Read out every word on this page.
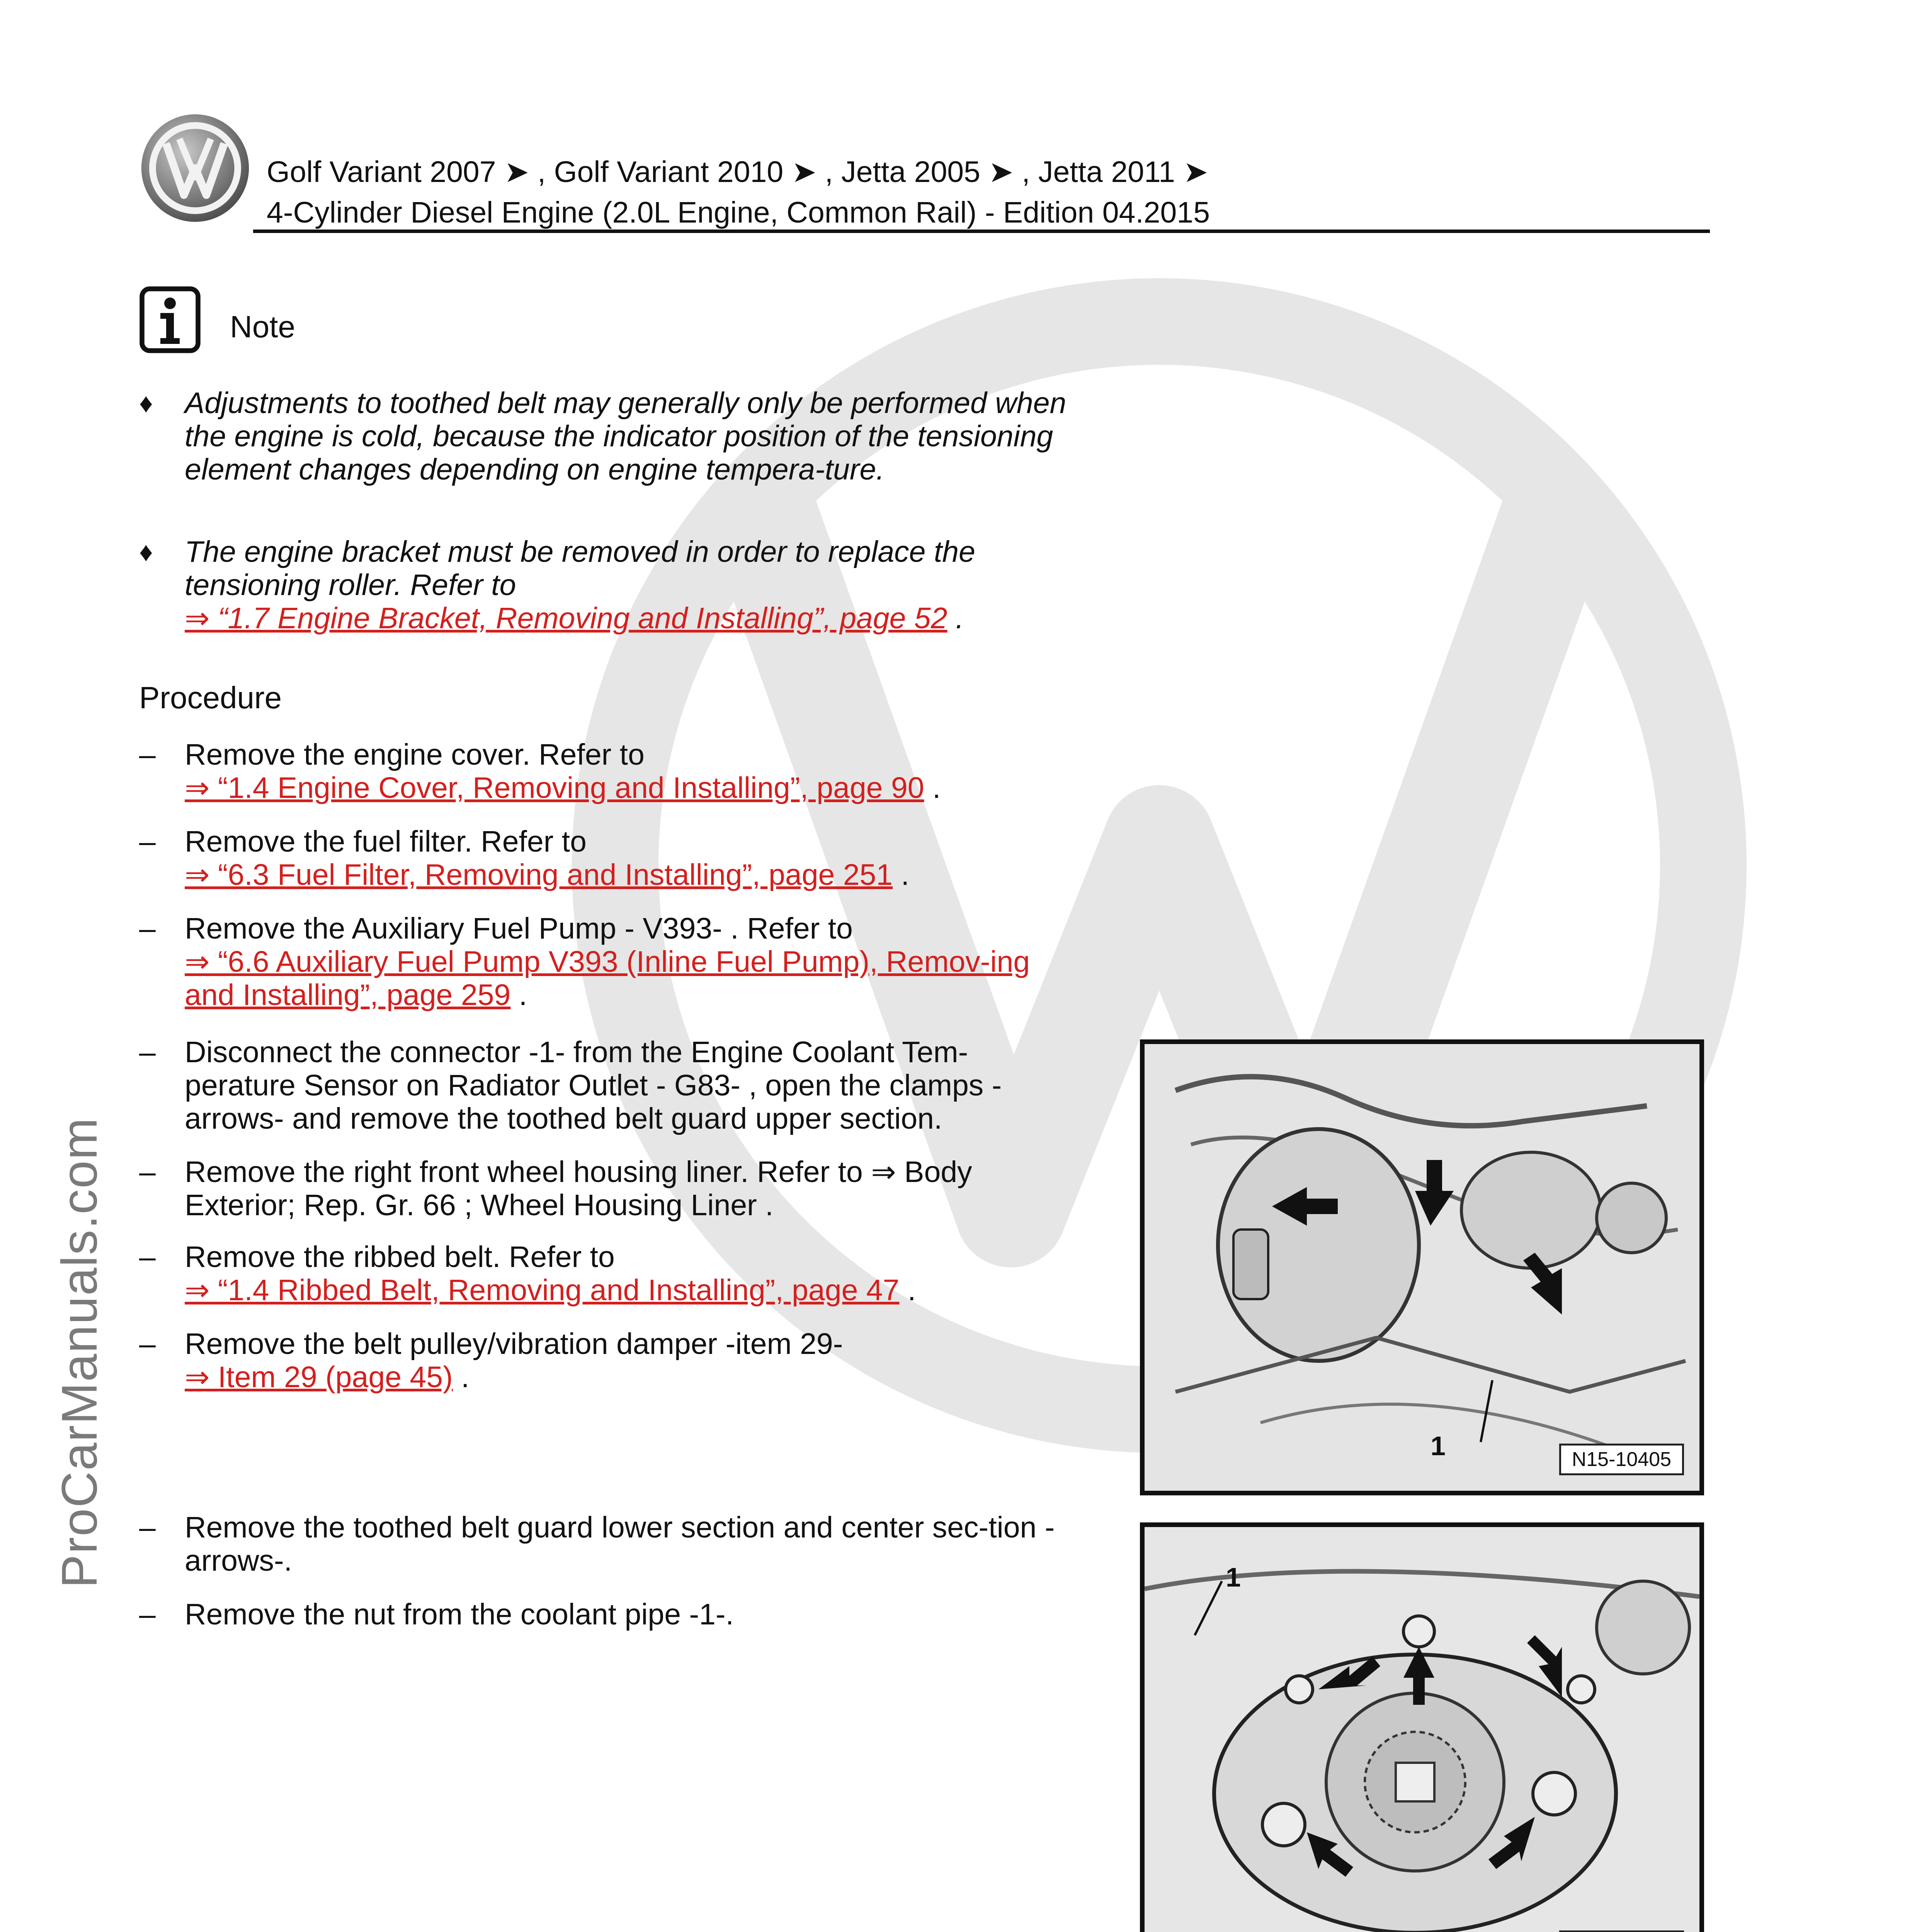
Golf Variant 2007 ➤ , Golf Variant 2010 ➤ , Jetta 2005 ➤ , Jetta 2011 ➤
4-Cylinder Diesel Engine (2.0L Engine, Common Rail) - Edition 04.2015
ProCarManuals.com
Note
♦ Adjustments to toothed belt may generally only be performed when the engine is cold, because the indicator position of the tensioning element changes depending on engine tempera-ture.
♦ The engine bracket must be removed in order to replace the tensioning roller. Refer to
⇒ “1.7 Engine Bracket, Removing and Installing”, page 52 .
Procedure
– Remove the engine cover. Refer to
⇒ “1.4 Engine Cover, Removing and Installing”, page 90 .
– Remove the fuel filter. Refer to
⇒ “6.3 Fuel Filter, Removing and Installing”, page 251 .
– Remove the Auxiliary Fuel Pump - V393- . Refer to
⇒ “6.6 Auxiliary Fuel Pump V393 (Inline Fuel Pump), Remov-ing and Installing”, page 259 .
– Disconnect the connector -1- from the Engine Coolant Tem-perature Sensor on Radiator Outlet - G83- , open the clamps -arrows- and remove the toothed belt guard upper section.
– Remove the right front wheel housing liner. Refer to ⇒ Body Exterior; Rep. Gr. 66 ; Wheel Housing Liner .
– Remove the ribbed belt. Refer to
⇒ “1.4 Ribbed Belt, Removing and Installing”, page 47 .
– Remove the belt pulley/vibration damper -item 29-
⇒ Item 29 (page 45) .
– Remove the toothed belt guard lower section and center sec-tion -arrows-.
– Remove the nut from the coolant pipe -1-.
1	N15-10405
1
